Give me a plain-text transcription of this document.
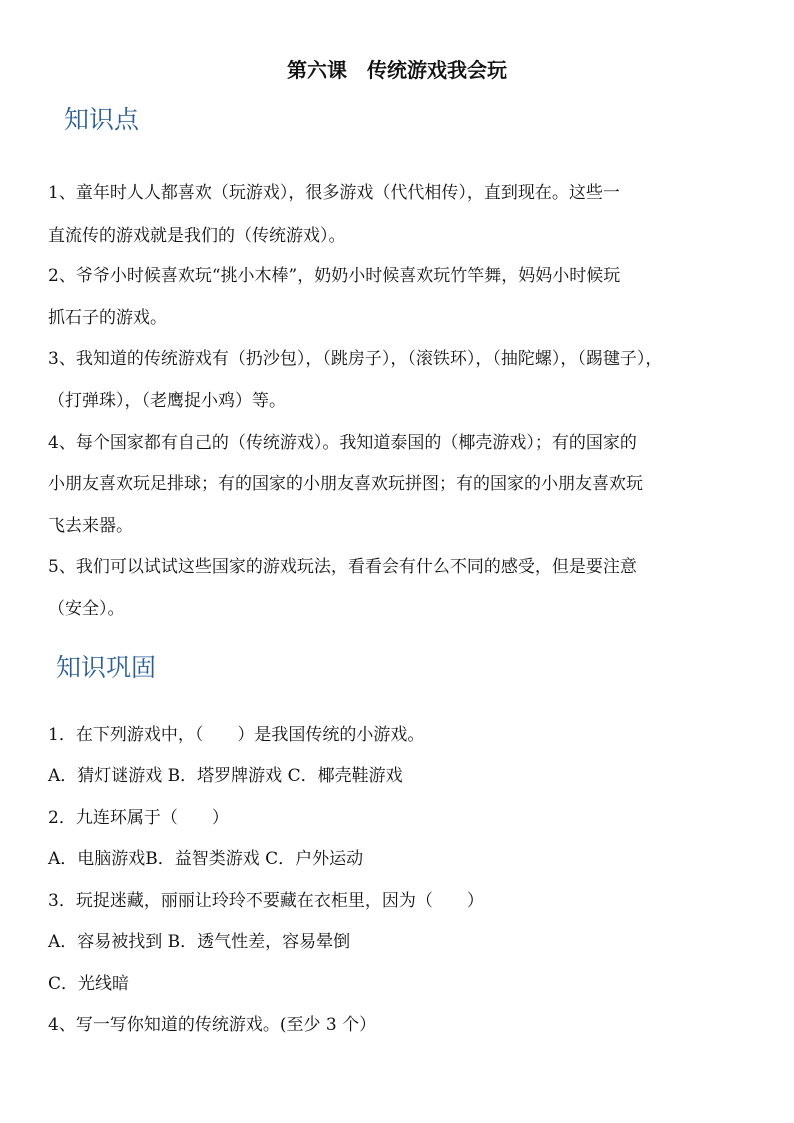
第六课　传统游戏我会玩
知识点
1、童年时人人都喜欢（玩游戏），很多游戏（代代相传），直到现在。这些一
直流传的游戏就是我们的（传统游戏）。
2、爷爷小时候喜欢玩“挑小木棒”，奶奶小时候喜欢玩竹竿舞，妈妈小时候玩
抓石子的游戏。
3、我知道的传统游戏有（扔沙包），（跳房子），（滚铁环），（抽陀螺），（踢毽子），
（打弹珠），（老鹰捉小鸡）等。
4、每个国家都有自己的（传统游戏）。我知道泰国的（椰壳游戏）；有的国家的
小朋友喜欢玩足排球；有的国家的小朋友喜欢玩拼图；有的国家的小朋友喜欢玩
飞去来器。
5、我们可以试试这些国家的游戏玩法，看看会有什么不同的感受，但是要注意
（安全）。
知识巩固
1．在下列游戏中，（　　）是我国传统的小游戏。
A．猜灯谜游戏 B．塔罗牌游戏 C．椰壳鞋游戏
2．九连环属于（　　）
A．电脑游戏B．益智类游戏 C．户外运动
3．玩捉迷藏，丽丽让玲玲不要藏在衣柜里，因为（　　）
A．容易被找到 B．透气性差，容易晕倒
C．光线暗
4、写一写你知道的传统游戏。(至少 3 个）
